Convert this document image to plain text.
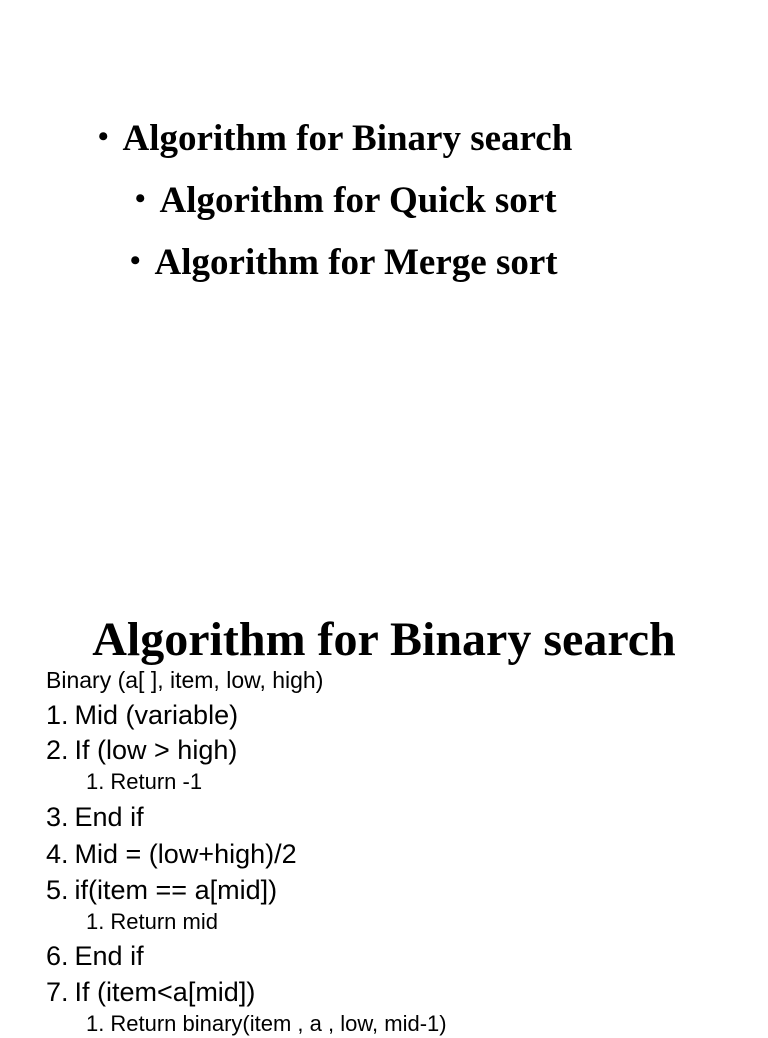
• Algorithm for Binary search
• Algorithm for Quick sort
• Algorithm for Merge sort
Algorithm for Binary search
Binary (a[ ], item, low, high)
1. Mid (variable)
2. If (low > high)
1. Return -1
3. End if
4. Mid = (low+high)/2
5. if(item == a[mid])
1. Return mid
6. End if
7. If (item<a[mid])
1. Return binary(item , a , low, mid-1)
